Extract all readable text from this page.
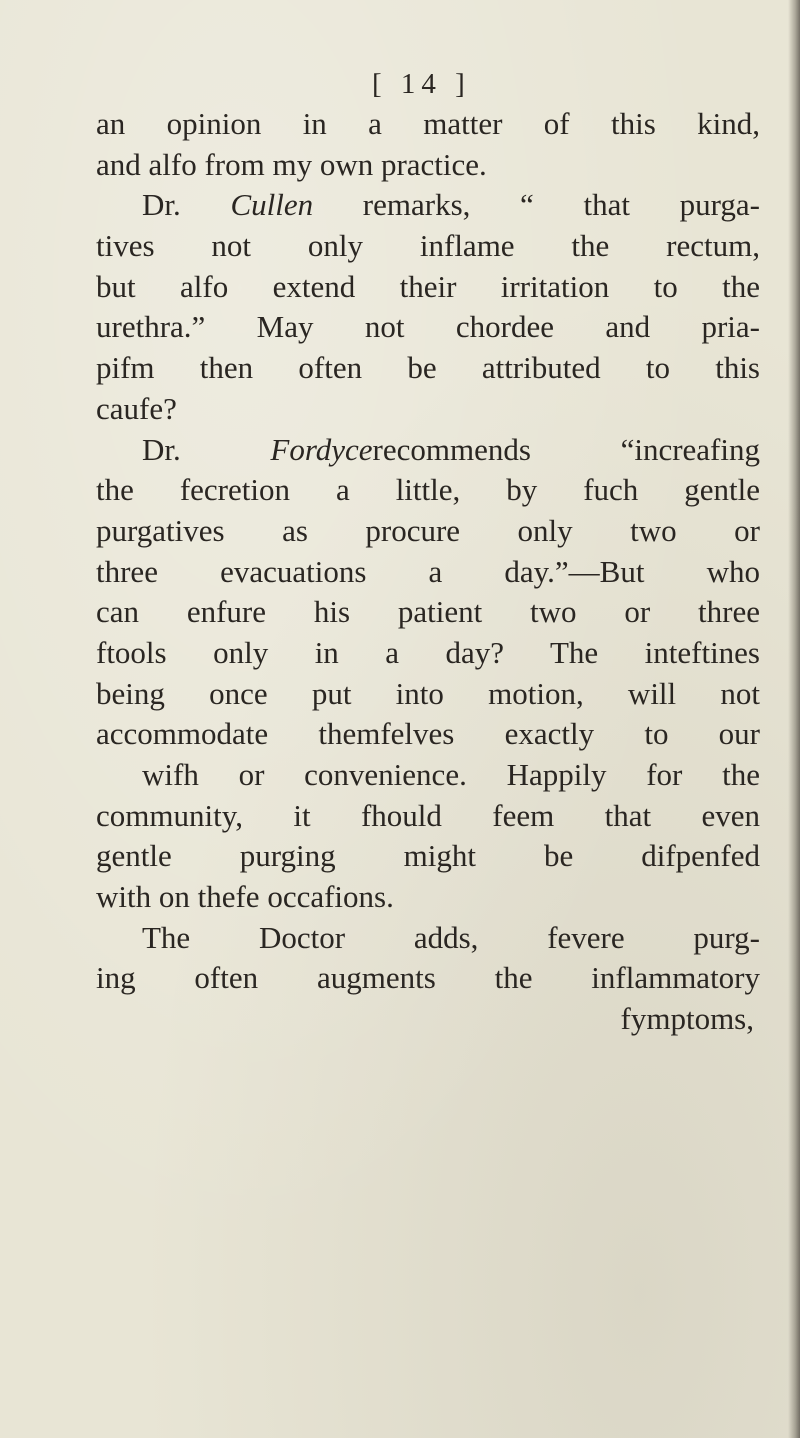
[ 14 ]
an opinion in a matter of this kind,
and alfo from my own practice.
Dr. Cullen remarks, “ that purga-
tives not only inflame the rectum,
but alfo extend their irritation to the
urethra.” May not chordee and pria-
pifm then often be attributed to this
caufe?
Dr. Fordycerecommends “increafing
the fecretion a little, by fuch gentle
purgatives as procure only two or
three evacuations a day.”—But who
can enfure his patient two or three
ftools only in a day? The inteftines
being once put into motion, will not
accommodate themfelves exactly to our
wifh or convenience. Happily for the
community, it fhould feem that even
gentle purging might be difpenfed
with on thefe occafions.
The Doctor adds, fevere purg-
ing often augments the inflammatory
fymptoms,
